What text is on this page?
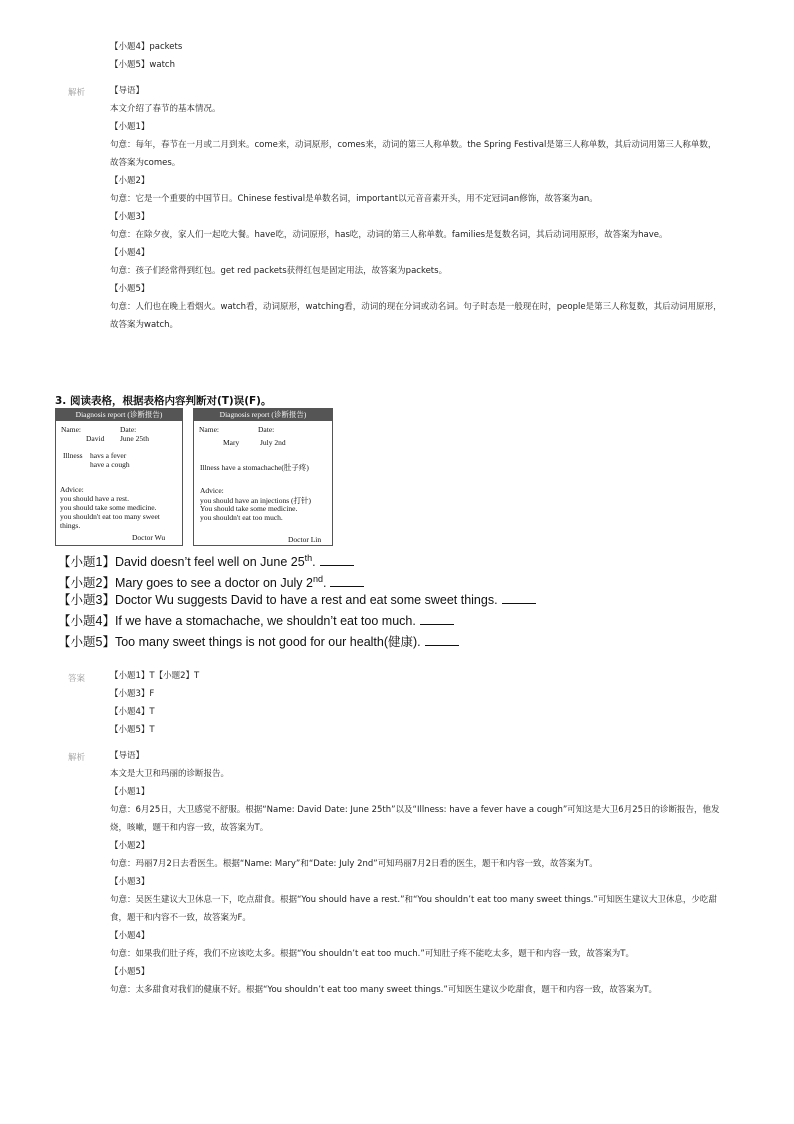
【小题4】packets
【小题5】watch
解析	【导语】
本文介绍了春节的基本情况。
【小题1】
句意：每年，春节在一月或二月到来。come来，动词原形，comes来，动词的第三人称单数。the Spring Festival是第三人称单数，其后动词用第三人称单数，故答案为comes。
【小题2】
句意：它是一个重要的中国节日。Chinese festival是单数名词，important以元音音素开头，用不定冠词an修饰，故答案为an。
【小题3】
句意：在除夕夜，家人们一起吃大餐。have吃，动词原形，has吃，动词的第三人称单数。families是复数名词，其后动词用原形，故答案为have。
【小题4】
句意：孩子们经常得到红包。get red packets获得红包是固定用法，故答案为packets。
【小题5】
句意：人们也在晚上看烟火。watch看，动词原形，watching看，动词的现在分词或动名词。句子时态是一般现在时，people是第三人称复数，其后动词用原形，故答案为watch。
3. 阅读表格，根据表格内容判断对(T)误(F)。
Diagnosis report (诊断报告)
Name:	Date:
David June 25th
Illness havs a fever
have a cough
Advice:
you should have a rest.
you should take some medicine.
you shouldn't eat too many sweet
things.
Doctor Wu
Diagnosis report (诊断报告)
Name:	Date:
Mary	July 2nd
Illness have a stomachache(肚子疼)
Advice:
you should have an injections (打针)
You should take some medicine.
you shouldn't eat too much.
Doctor Lin
【小题1】David doesn’t feel well on June 25th.
【小题2】Mary goes to see a doctor on July 2nd.
【小题3】Doctor Wu suggests David to have a rest and eat some sweet things.
【小题4】If we have a stomachache, we shouldn’t eat too much.
【小题5】Too many sweet things is not good for our health(健康).
答案	【小题1】T【小题2】T
【小题3】F
【小题4】T
【小题5】T
解析	【导语】
本文是大卫和玛丽的诊断报告。
【小题1】
句意：6月25日，大卫感觉不舒服。根据“Name: David Date: June 25th”以及“Illness: have a fever have a cough”可知这是大卫6月25日的诊断报告，他发烧，咳嗽，题干和内容一致，故答案为T。
【小题2】
句意：玛丽7月2日去看医生。根据“Name: Mary”和“Date: July 2nd”可知玛丽7月2日看的医生，题干和内容一致，故答案为T。
【小题3】
句意：吴医生建议大卫休息一下，吃点甜食。根据“You should have a rest.”和“You shouldn’t eat too many sweet things.”可知医生建议大卫休息，少吃甜食，题干和内容不一致，故答案为F。
【小题4】
句意：如果我们肚子疼，我们不应该吃太多。根据“You shouldn’t eat too much.”可知肚子疼不能吃太多，题干和内容一致，故答案为T。
【小题5】
句意：太多甜食对我们的健康不好。根据“You shouldn’t eat too many sweet things.”可知医生建议少吃甜食，题干和内容一致，故答案为T。
